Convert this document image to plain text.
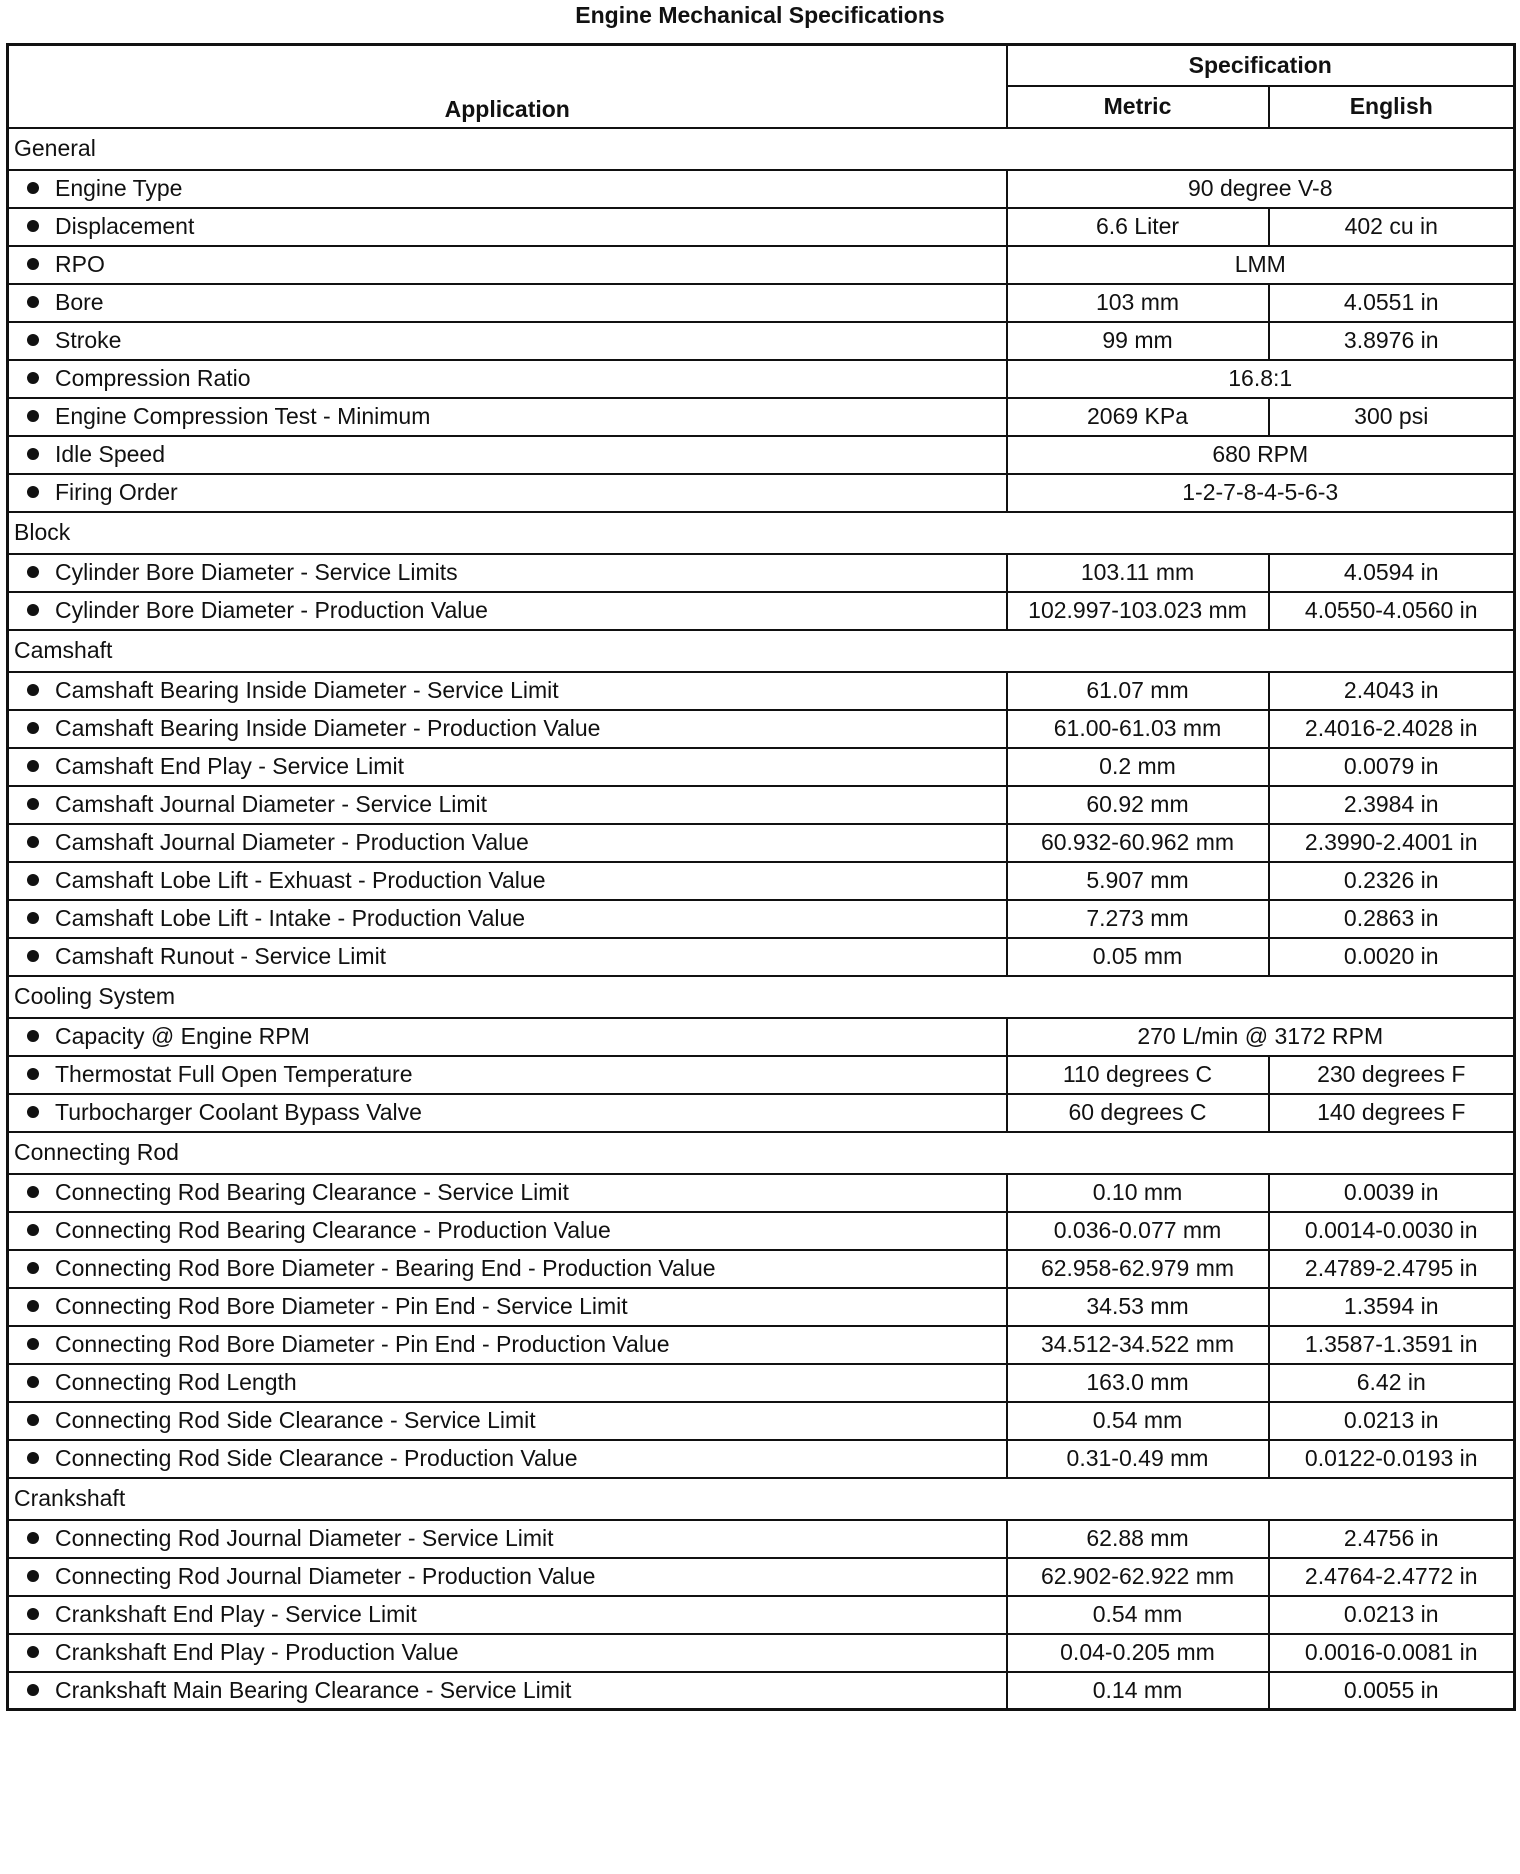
Engine Mechanical Specifications
Application	Specification	
	Metric	English
General		
Engine Type	90 degree V-8	
Displacement	6.6 Liter	402 cu in
RPO	LMM	
Bore	103 mm	4.0551 in
Stroke	99 mm	3.8976 in
Compression Ratio	16.8:1	
Engine Compression Test - Minimum	2069 KPa	300 psi
Idle Speed	680 RPM	
Firing Order	1-2-7-8-4-5-6-3	
Block		
Cylinder Bore Diameter - Service Limits	103.11 mm	4.0594 in
Cylinder Bore Diameter - Production Value	102.997-103.023 mm	4.0550-4.0560 in
Camshaft		
Camshaft Bearing Inside Diameter - Service Limit	61.07 mm	2.4043 in
Camshaft Bearing Inside Diameter - Production Value	61.00-61.03 mm	2.4016-2.4028 in
Camshaft End Play - Service Limit	0.2 mm	0.0079 in
Camshaft Journal Diameter - Service Limit	60.92 mm	2.3984 in
Camshaft Journal Diameter - Production Value	60.932-60.962 mm	2.3990-2.4001 in
Camshaft Lobe Lift - Exhuast - Production Value	5.907 mm	0.2326 in
Camshaft Lobe Lift - Intake - Production Value	7.273 mm	0.2863 in
Camshaft Runout - Service Limit	0.05 mm	0.0020 in
Cooling System		
Capacity @ Engine RPM	270 L/min @ 3172 RPM	
Thermostat Full Open Temperature	110 degrees C	230 degrees F
Turbocharger Coolant Bypass Valve	60 degrees C	140 degrees F
Connecting Rod		
Connecting Rod Bearing Clearance - Service Limit	0.10 mm	0.0039 in
Connecting Rod Bearing Clearance - Production Value	0.036-0.077 mm	0.0014-0.0030 in
Connecting Rod Bore Diameter - Bearing End - Production Value	62.958-62.979 mm	2.4789-2.4795 in
Connecting Rod Bore Diameter - Pin End - Service Limit	34.53 mm	1.3594 in
Connecting Rod Bore Diameter - Pin End - Production Value	34.512-34.522 mm	1.3587-1.3591 in
Connecting Rod Length	163.0 mm	6.42 in
Connecting Rod Side Clearance - Service Limit	0.54 mm	0.0213 in
Connecting Rod Side Clearance - Production Value	0.31-0.49 mm	0.0122-0.0193 in
Crankshaft		
Connecting Rod Journal Diameter - Service Limit	62.88 mm	2.4756 in
Connecting Rod Journal Diameter - Production Value	62.902-62.922 mm	2.4764-2.4772 in
Crankshaft End Play - Service Limit	0.54 mm	0.0213 in
Crankshaft End Play - Production Value	0.04-0.205 mm	0.0016-0.0081 in
Crankshaft Main Bearing Clearance - Service Limit	0.14 mm	0.0055 in
